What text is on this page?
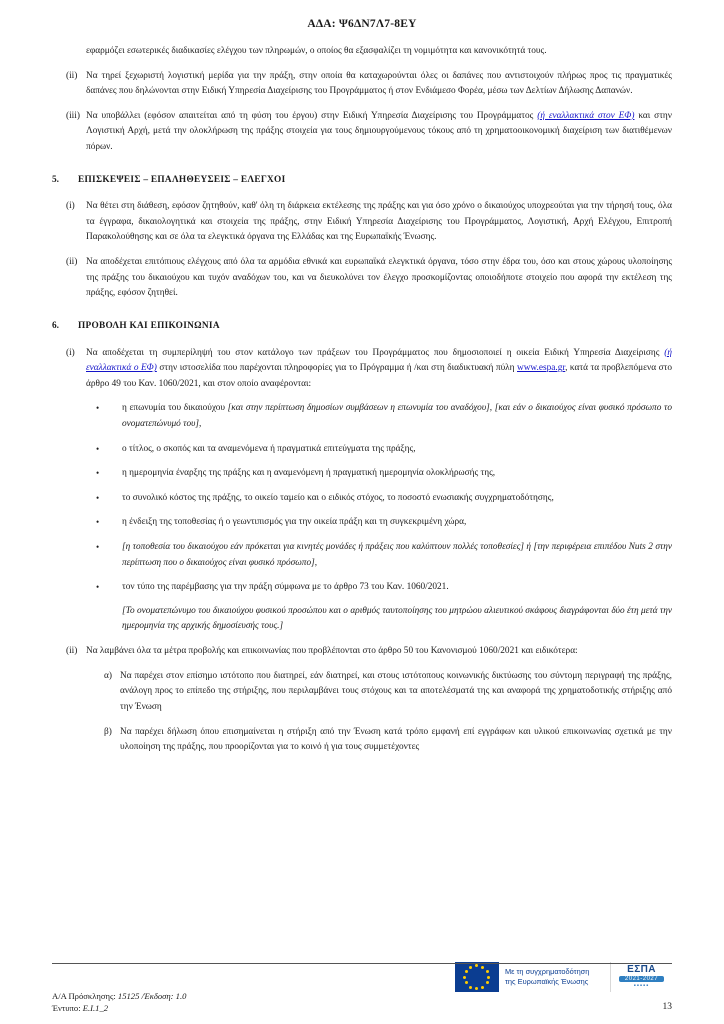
ΑΔΑ: Ψ6ΔΝ7Λ7-8ΕΥ
εφαρμόζει εσωτερικές διαδικασίες ελέγχου των πληρωμών, ο οποίος θα εξασφαλίζει τη νομιμότητα και κανονικότητά τους.
(ii) Να τηρεί ξεχωριστή λογιστική μερίδα για την πράξη, στην οποία θα καταχωρούνται όλες οι δαπάνες που αντιστοιχούν πλήρως προς τις πραγματικές δαπάνες που δηλώνονται στην Ειδική Υπηρεσία Διαχείρισης του Προγράμματος ή στον Ενδιάμεσο Φορέα, μέσω των Δελτίων Δήλωσης Δαπανών.
(iii) Να υποβάλλει (εφόσον απαιτείται από τη φύση του έργου) στην Ειδική Υπηρεσία Διαχείρισης του Προγράμματος (ή εναλλακτικά στον ΕΦ) και στην Λογιστική Αρχή, μετά την ολοκλήρωση της πράξης στοιχεία για τους δημιουργούμενους τόκους από τη χρηματοοικονομική διαχείριση των διατιθέμενων πόρων.
5.	ΕΠΙΣΚΕΨΕΙΣ – ΕΠΑΛΗΘΕΥΣΕΙΣ – ΕΛΕΓΧΟΙ
(i)	Να θέτει στη διάθεση, εφόσον ζητηθούν, καθ' όλη τη διάρκεια εκτέλεσης της πράξης και για όσο χρόνο ο δικαιούχος υποχρεούται για την τήρησή τους, όλα τα έγγραφα, δικαιολογητικά και στοιχεία της πράξης, στην Ειδική Υπηρεσία Διαχείρισης του Προγράμματος, Λογιστική, Αρχή Ελέγχου, Επιτροπή Παρακολούθησης και σε όλα τα ελεγκτικά όργανα της Ελλάδας και της Ευρωπαϊκής Ένωσης.
(ii) Να αποδέχεται επιτόπιους ελέγχους από όλα τα αρμόδια εθνικά και ευρωπαϊκά ελεγκτικά όργανα, τόσο στην έδρα του, όσο και στους χώρους υλοποίησης της πράξης του δικαιούχου και τυχόν αναδόχων του, και να διευκολύνει τον έλεγχο προσκομίζοντας οποιοδήποτε στοιχείο που αφορά την εκτέλεση της πράξης, εφόσον ζητηθεί.
6.	ΠΡΟΒΟΛΗ ΚΑΙ ΕΠΙΚΟΙΝΩΝΙΑ
(i)	Να αποδέχεται τη συμπερίληψή του στον κατάλογο των πράξεων του Προγράμματος που δημοσιοποιεί η οικεία Ειδική Υπηρεσία Διαχείρισης (ή εναλλακτικά ο ΕΦ) στην ιστοσελίδα που παρέχονται πληροφορίες για το Πρόγραμμα ή /και στη διαδικτυακή πύλη www.espa.gr, κατά τα προβλεπόμενα στο άρθρο 49 του Καν. 1060/2021, και στον οποίο αναφέρονται:
•	η επωνυμία του δικαιούχου [και στην περίπτωση δημοσίων συμβάσεων η επωνυμία του αναδόχου], [και εάν ο δικαιούχος είναι φυσικό πρόσωπο το ονοματεπώνυμό του],
•	ο τίτλος, ο σκοπός και τα αναμενόμενα ή πραγματικά επιτεύγματα της πράξης,
•	η ημερομηνία έναρξης της πράξης και η αναμενόμενη ή πραγματική ημερομηνία ολοκλήρωσής της,
•	το συνολικό κόστος της πράξης, το οικείο ταμείο και ο ειδικός στόχος, το ποσοστό ενωσιακής συγχρηματοδότησης,
•	η ένδειξη της τοποθεσίας ή ο γεωντιπισμός για την οικεία πράξη και τη συγκεκριμένη χώρα,
•	[η τοποθεσία του δικαιούχου εάν πρόκειται για κινητές μονάδες ή πράξεις που καλύπτουν πολλές τοποθεσίες] ή [την περιφέρεια επιπέδου Nuts 2 στην περίπτωση που ο δικαιούχος είναι φυσικό πρόσωπο],
•	τον τύπο της παρέμβασης για την πράξη σύμφωνα με το άρθρο 73 του Καν. 1060/2021.
[Το ονοματεπώνυμο του δικαιούχου φυσικού προσώπου και ο αριθμός ταυτοποίησης του μητρώου αλιευτικού σκάφους διαγράφονται δύο έτη μετά την ημερομηνία της αρχικής δημοσίευσής τους.]
(ii) Να λαμβάνει όλα τα μέτρα προβολής και επικοινωνίας που προβλέπονται στο άρθρο 50 του Κανονισμού 1060/2021 και ειδικότερα:
α) Να παρέχει στον επίσημο ιστότοπο που διατηρεί, εάν διατηρεί, και στους ιστότοπους κοινωνικής δικτύωσης του σύντομη περιγραφή της πράξης, ανάλογη προς το επίπεδο της στήριξης, που περιλαμβάνει τους στόχους και τα αποτελέσματά της και αναφορά της χρηματοδοτικής στήριξης από την Ένωση
β) Να παρέχει δήλωση όπου επισημαίνεται η στήριξη από την Ένωση κατά τρόπο εμφανή επί εγγράφων και υλικού επικοινωνίας σχετικά με την υλοποίηση της πράξης, που προορίζονται για το κοινό ή για τους συμμετέχοντες
Με τη συγχρηματοδότηση
της Ευρωπαϊκής Ένωσης
ΕΣΠΑ
2021-2027
▪▪▪▪▪
Α/Α Πρόσκλησης: 15125 /Έκδοση: 1.0
Έντυπο: Ε.Ι.1_2	13
